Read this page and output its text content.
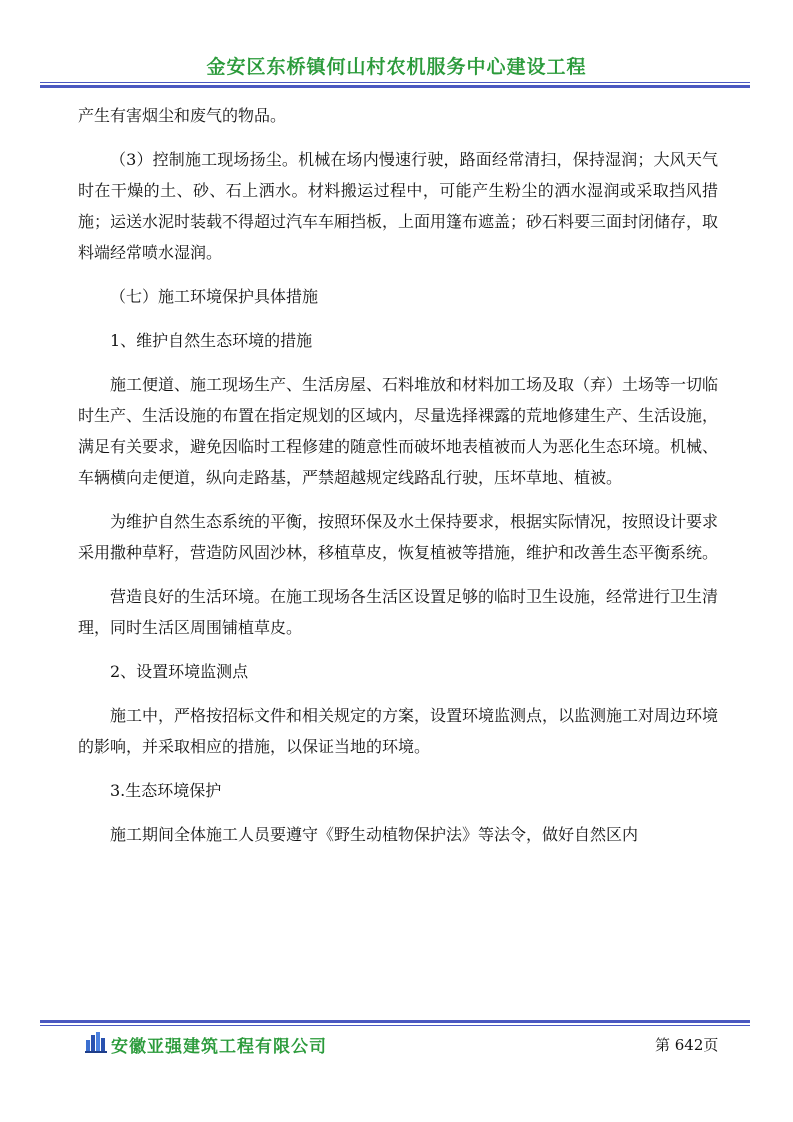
金安区东桥镇何山村农机服务中心建设工程

产生有害烟尘和废气的物品。

（3）控制施工现场扬尘。机械在场内慢速行驶，路面经常清扫，保持湿润；大风天气时在干燥的土、砂、石上洒水。材料搬运过程中，可能产生粉尘的洒水湿润或采取挡风措施；运送水泥时装载不得超过汽车车厢挡板，上面用篷布遮盖；砂石料要三面封闭储存，取料端经常喷水湿润。

（七）施工环境保护具体措施

1、维护自然生态环境的措施

施工便道、施工现场生产、生活房屋、石料堆放和材料加工场及取（弃）土场等一切临时生产、生活设施的布置在指定规划的区域内，尽量选择裸露的荒地修建生产、生活设施，满足有关要求，避免因临时工程修建的随意性而破坏地表植被而人为恶化生态环境。机械、车辆横向走便道，纵向走路基，严禁超越规定线路乱行驶，压坏草地、植被。

为维护自然生态系统的平衡，按照环保及水土保持要求，根据实际情况，按照设计要求采用撒种草籽，营造防风固沙林，移植草皮，恢复植被等措施，维护和改善生态平衡系统。

营造良好的生活环境。在施工现场各生活区设置足够的临时卫生设施，经常进行卫生清理，同时生活区周围铺植草皮。

2、设置环境监测点

施工中，严格按招标文件和相关规定的方案，设置环境监测点，以监测施工对周边环境的影响，并采取相应的措施，以保证当地的环境。

3.生态环境保护

施工期间全体施工人员要遵守《野生动植物保护法》等法令，做好自然区内

安徽亚强建筑工程有限公司	第 642页
